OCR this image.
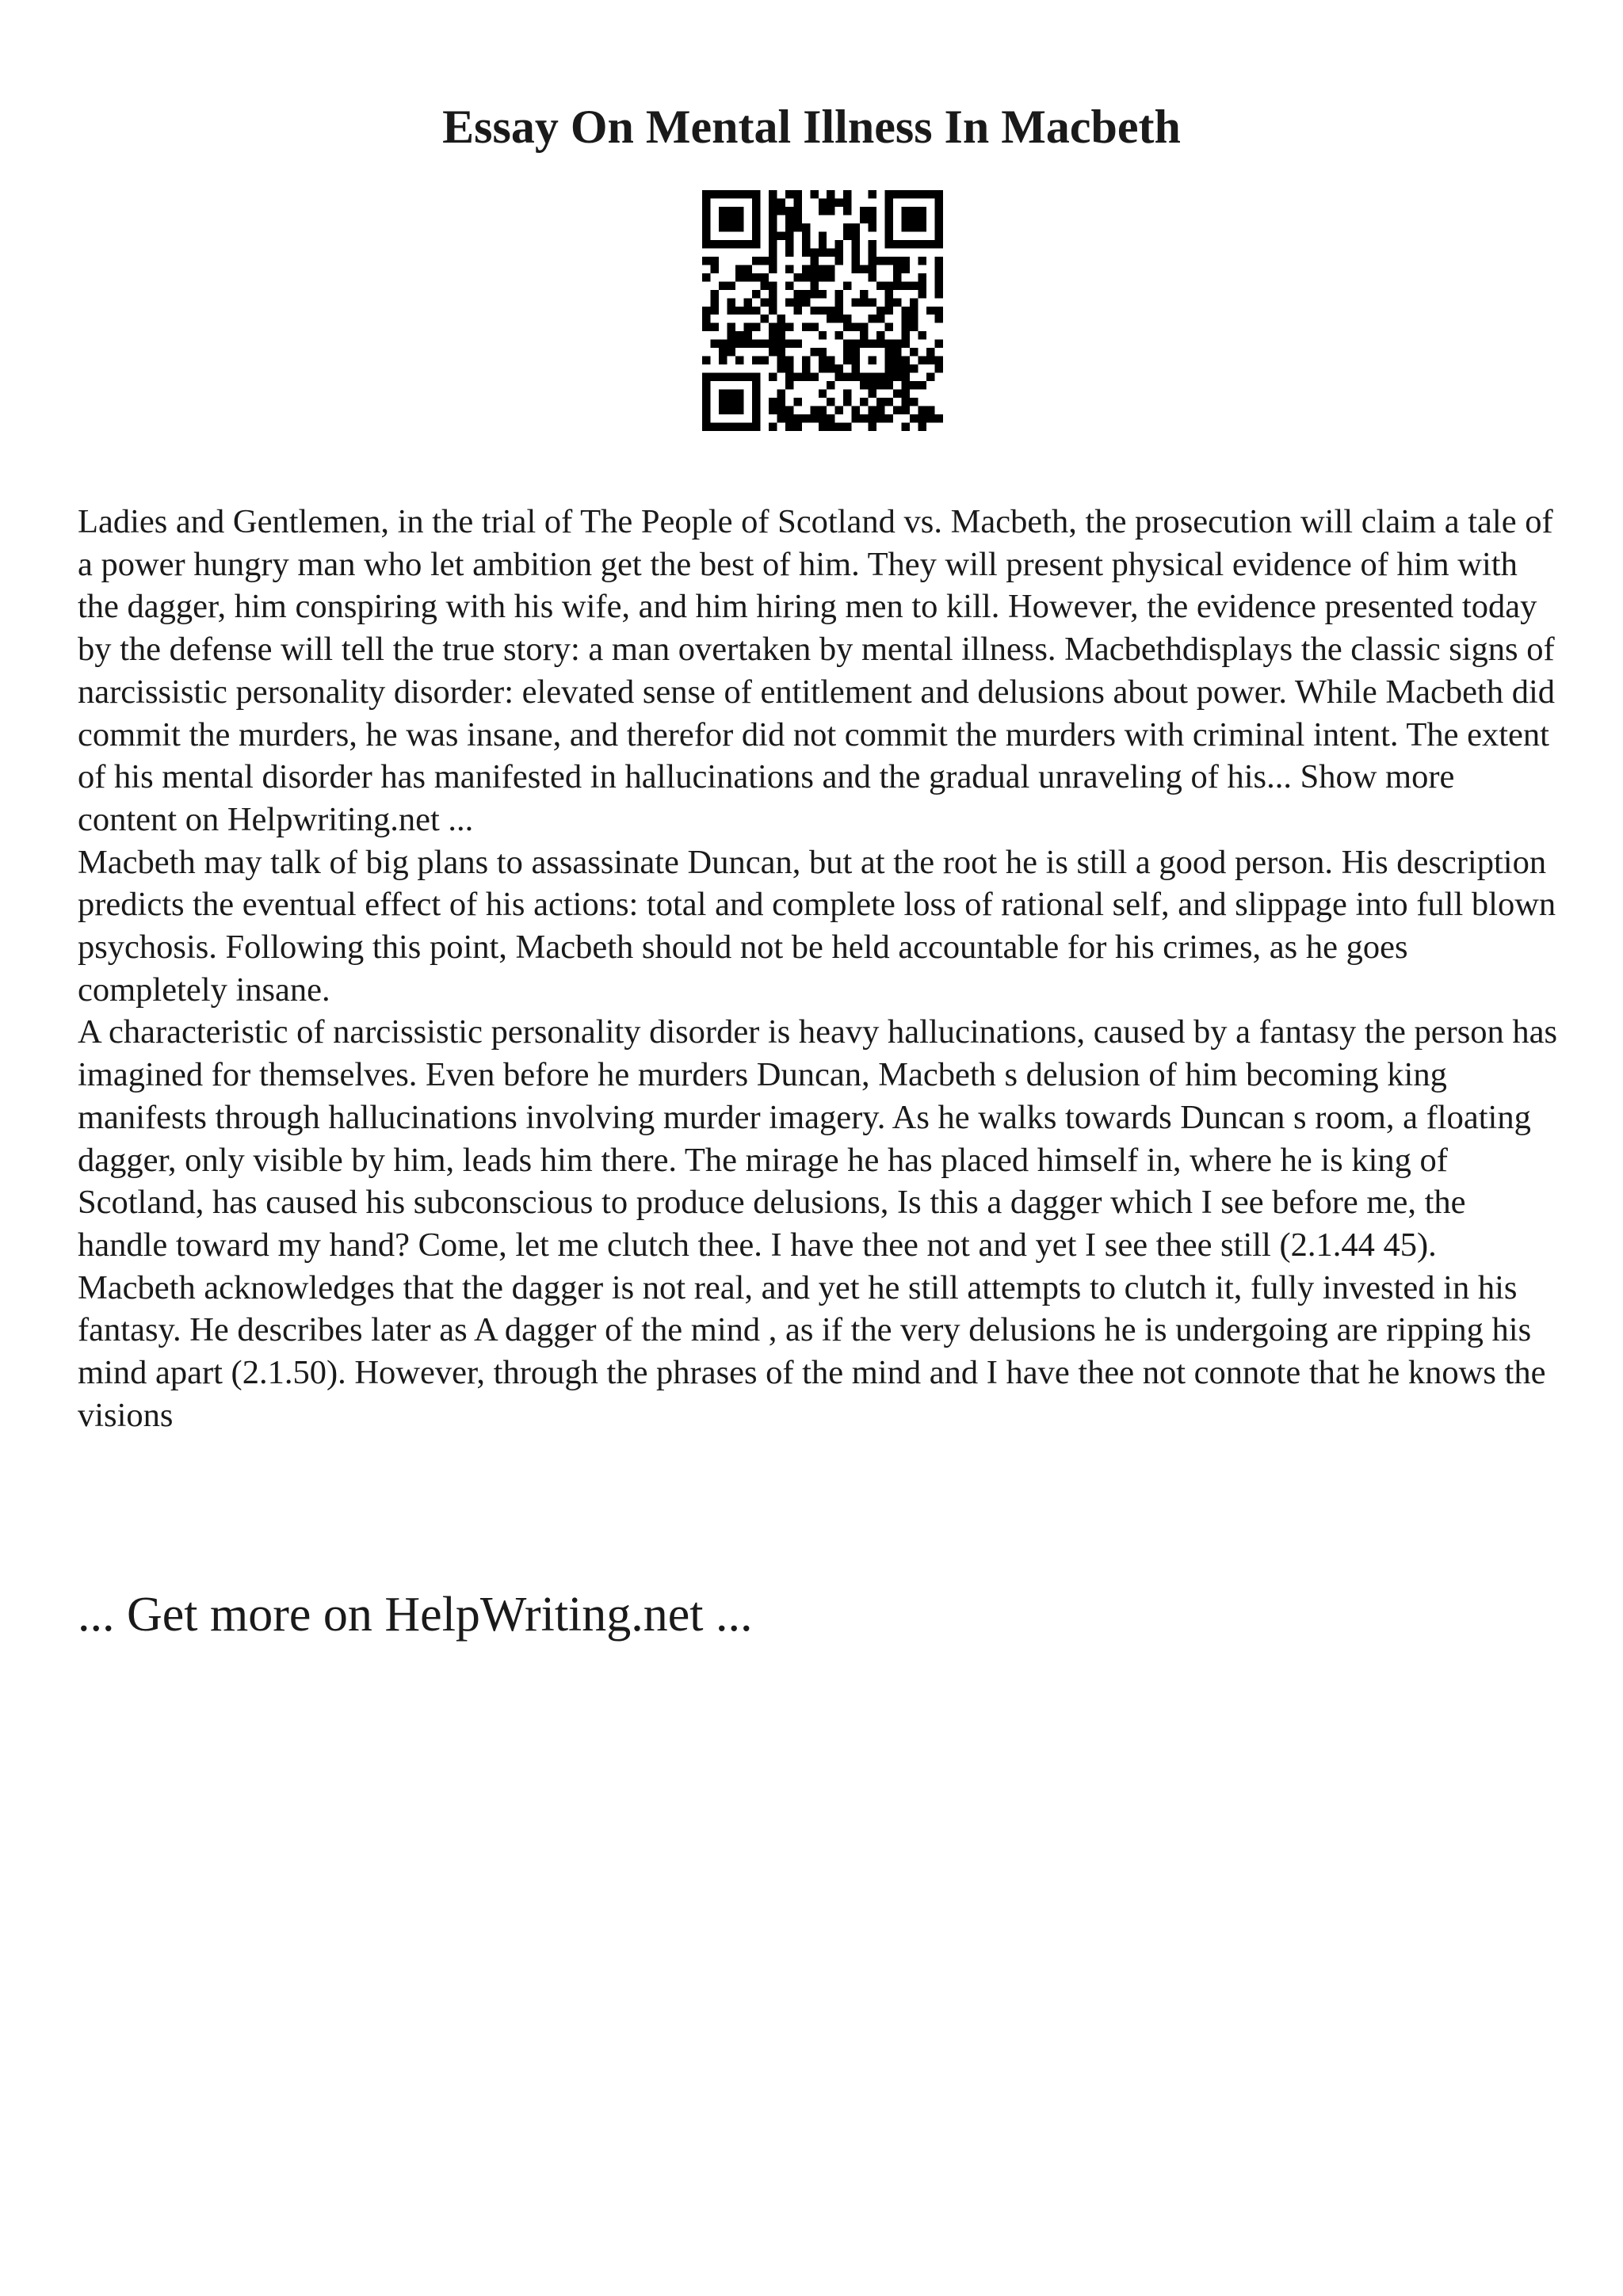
Essay On Mental Illness In Macbeth

Ladies and Gentlemen, in the trial of The People of Scotland vs. Macbeth, the prosecution will claim a tale of a power hungry man who let ambition get the best of him. They will present physical evidence of him with the dagger, him conspiring with his wife, and him hiring men to kill. However, the evidence presented today by the defense will tell the true story: a man overtaken by mental illness. Macbethdisplays the classic signs of narcissistic personality disorder: elevated sense of entitlement and delusions about power. While Macbeth did commit the murders, he was insane, and therefor did not commit the murders with criminal intent. The extent of his mental disorder has manifested in hallucinations and the gradual unraveling of his... Show more content on Helpwriting.net ...

Macbeth may talk of big plans to assassinate Duncan, but at the root he is still a good person. His description predicts the eventual effect of his actions: total and complete loss of rational self, and slippage into full blown psychosis. Following this point, Macbeth should not be held accountable for his crimes, as he goes completely insane.

A characteristic of narcissistic personality disorder is heavy hallucinations, caused by a fantasy the person has imagined for themselves. Even before he murders Duncan, Macbeth s delusion of him becoming king manifests through hallucinations involving murder imagery. As he walks towards Duncan s room, a floating dagger, only visible by him, leads him there. The mirage he has placed himself in, where he is king of Scotland, has caused his subconscious to produce delusions, Is this a dagger which I see before me, the handle toward my hand? Come, let me clutch thee. I have thee not and yet I see thee still (2.1.44 45). Macbeth acknowledges that the dagger is not real, and yet he still attempts to clutch it, fully invested in his fantasy. He describes later as A dagger of the mind , as if the very delusions he is undergoing are ripping his mind apart (2.1.50). However, through the phrases of the mind and I have thee not connote that he knows the visions

... Get more on HelpWriting.net ...
